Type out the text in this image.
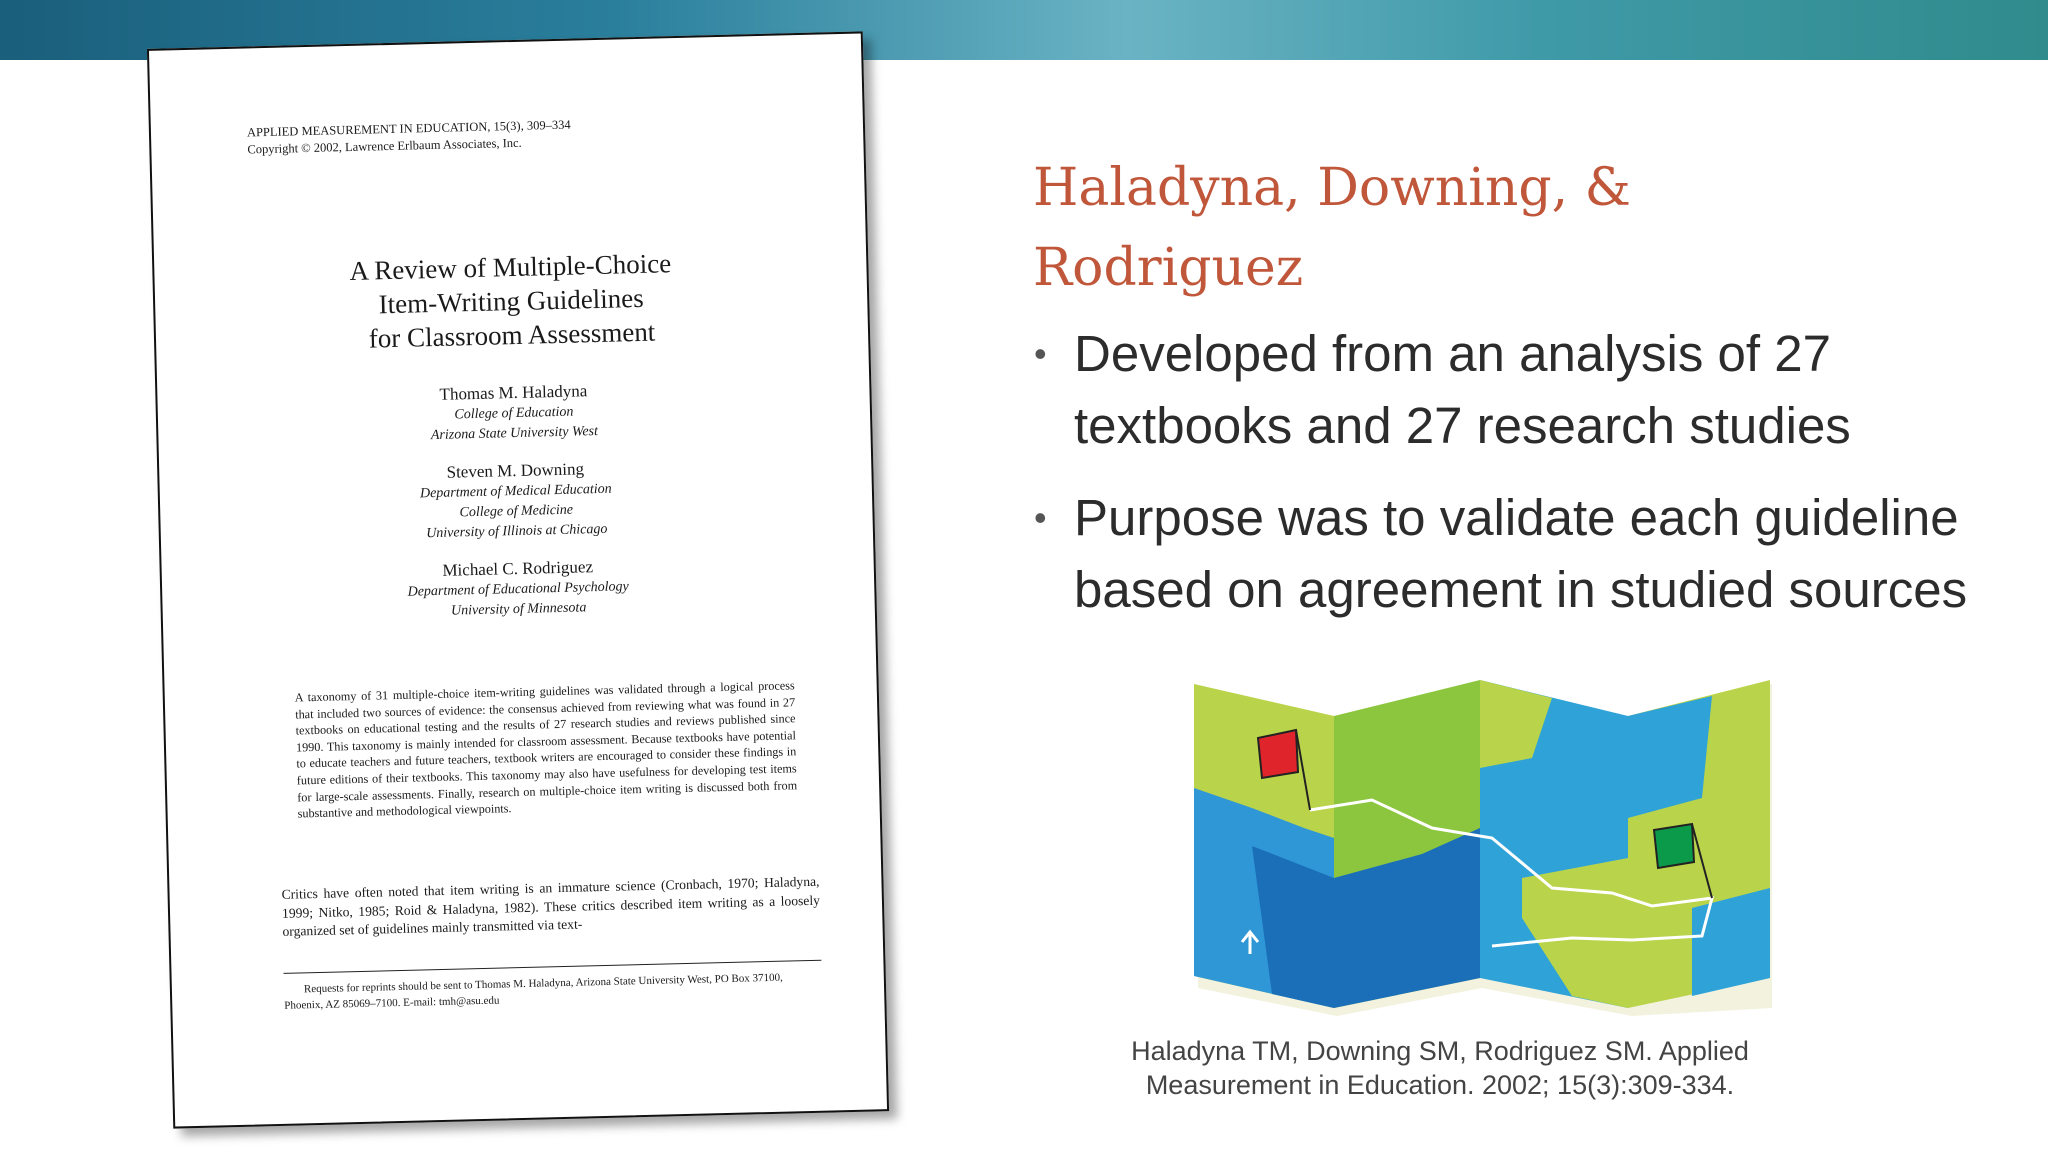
APPLIED MEASUREMENT IN EDUCATION, 15(3), 309–334
Copyright © 2002, Lawrence Erlbaum Associates, Inc.
A Review of Multiple-Choice
Item-Writing Guidelines
for Classroom Assessment
Thomas M. Haladyna
College of Education
Arizona State University West
Steven M. Downing
Department of Medical Education
College of Medicine
University of Illinois at Chicago
Michael C. Rodriguez
Department of Educational Psychology
University of Minnesota
A taxonomy of 31 multiple-choice item-writing guidelines was validated through a logical process that included two sources of evidence: the consensus achieved from reviewing what was found in 27 textbooks on educational testing and the results of 27 research studies and reviews published since 1990. This taxonomy is mainly intended for classroom assessment. Because textbooks have potential to educate teachers and future teachers, textbook writers are encouraged to consider these findings in future editions of their textbooks. This taxonomy may also have usefulness for developing test items for large-scale assessments. Finally, research on multiple-choice item writing is discussed both from substantive and methodological viewpoints.
Critics have often noted that item writing is an immature science (Cronbach, 1970; Haladyna, 1999; Nitko, 1985; Roid & Haladyna, 1982). These critics described item writing as a loosely organized set of guidelines mainly transmitted via text-
Requests for reprints should be sent to Thomas M. Haladyna, Arizona State University West, PO Box 37100, Phoenix, AZ 85069–7100. E-mail: tmh@asu.edu
Haladyna, Downing, &
Rodriguez
• Developed from an analysis of 27 textbooks and 27 research studies
• Purpose was to validate each guideline based on agreement in studied sources
Haladyna TM, Downing SM, Rodriguez SM. Applied
Measurement in Education. 2002; 15(3):309-334.
